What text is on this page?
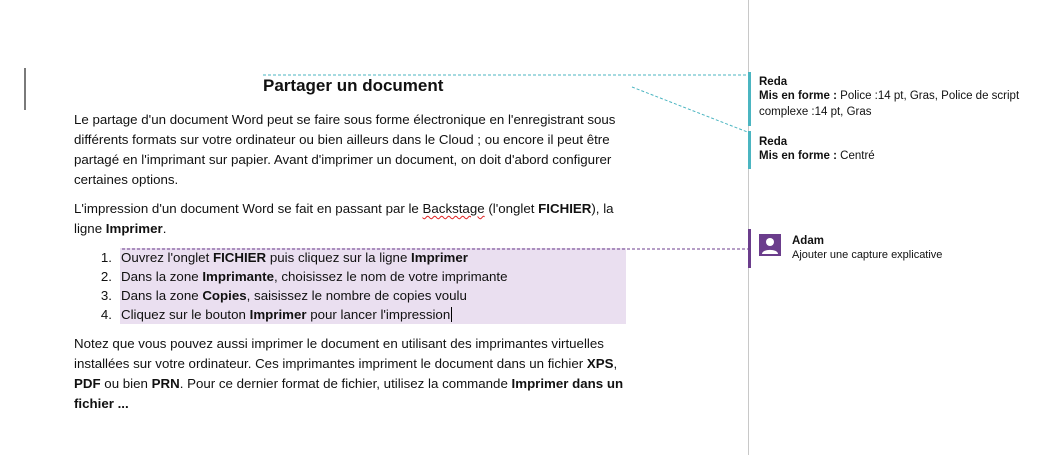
Partager un document

Le partage d'un document Word peut se faire sous forme électronique en l'enregistrant sous différents formats sur votre ordinateur ou bien ailleurs dans le Cloud ; ou encore il peut être partagé en l'imprimant sur papier. Avant d'imprimer un document, on doit d'abord configurer certaines options.

L'impression d'un document Word se fait en passant par le Backstage (l'onglet FICHIER), la ligne Imprimer.

1. Ouvrez l'onglet FICHIER puis cliquez sur la ligne Imprimer
2. Dans la zone Imprimante, choisissez le nom de votre imprimante
3. Dans la zone Copies, saisissez le nombre de copies voulu
4. Cliquez sur le bouton Imprimer pour lancer l'impression

Notez que vous pouvez aussi imprimer le document en utilisant des imprimantes virtuelles installées sur votre ordinateur. Ces imprimantes impriment le document dans un fichier XPS, PDF ou bien PRN. Pour ce dernier format de fichier, utilisez la commande Imprimer dans un fichier ...

Reda
Mis en forme : Police :14 pt, Gras, Police de script complexe :14 pt, Gras
Reda
Mis en forme : Centré
Adam
Ajouter une capture explicative
